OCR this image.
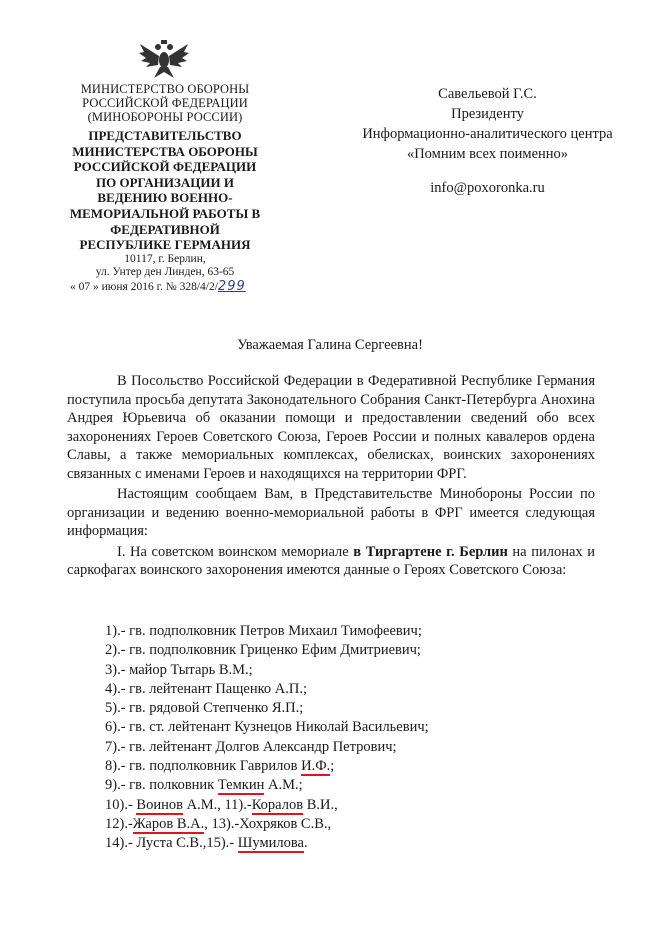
МИНИСТЕРСТВО ОБОРОНЫ
РОССИЙСКОЙ ФЕДЕРАЦИИ
(МИНОБОРОНЫ РОССИИ)
ПРЕДСТАВИТЕЛЬСТВО
МИНИСТЕРСТВА ОБОРОНЫ
РОССИЙСКОЙ ФЕДЕРАЦИИ
ПО ОРГАНИЗАЦИИ И
ВЕДЕНИЮ ВОЕННО-
МЕМОРИАЛЬНОЙ РАБОТЫ В
ФЕДЕРАТИВНОЙ
РЕСПУБЛИКЕ ГЕРМАНИЯ
10117, г. Берлин,
ул. Унтер ден Линден, 63-65
« 07 » июня 2016 г. № 328/4/2/299
Савельевой Г.С.
Президенту
Информационно-аналитического центра
«Помним всех поименно»
info@poxoronka.ru
Уважаемая Галина Сергеевна!

В Посольство Российской Федерации в Федеративной Республике Германия поступила просьба депутата Законодательного Собрания Санкт-Петербурга Анохина Андрея Юрьевича об оказании помощи и предоставлении сведений обо всех захоронениях Героев Советского Союза, Героев России и полных кавалеров ордена Славы, а также мемориальных комплексах, обелисках, воинских захоронениях связанных с именами Героев и находящихся на территории ФРГ.

Настоящим сообщаем Вам, в Представительстве Минобороны России по организации и ведению военно-мемориальной работы в ФРГ имеется следующая информация:

I. На советском воинском мемориале в Тиргартене г. Берлин на пилонах и саркофагах воинского захоронения имеются данные о Героях Советского Союза:

1).- гв. подполковник Петров Михаил Тимофеевич;
2).- гв. подполковник Гриценко Ефим Дмитриевич;
3).- майор Тытарь В.М.;
4).- гв. лейтенант Пащенко А.П.;
5).- гв. рядовой Степченко Я.П.;
6).- гв. ст. лейтенант Кузнецов Николай Васильевич;
7).- гв. лейтенант Долгов Александр Петрович;
8).- гв. подполковник Гаврилов И.Ф.;
9).- гв. полковник Темкин А.М.;
10).- Воинов А.М., 11).-Коралов В.И.,
12).-Жаров В.А., 13).-Хохряков С.В.,
14).- Луста С.В.,15).- Шумилова.
